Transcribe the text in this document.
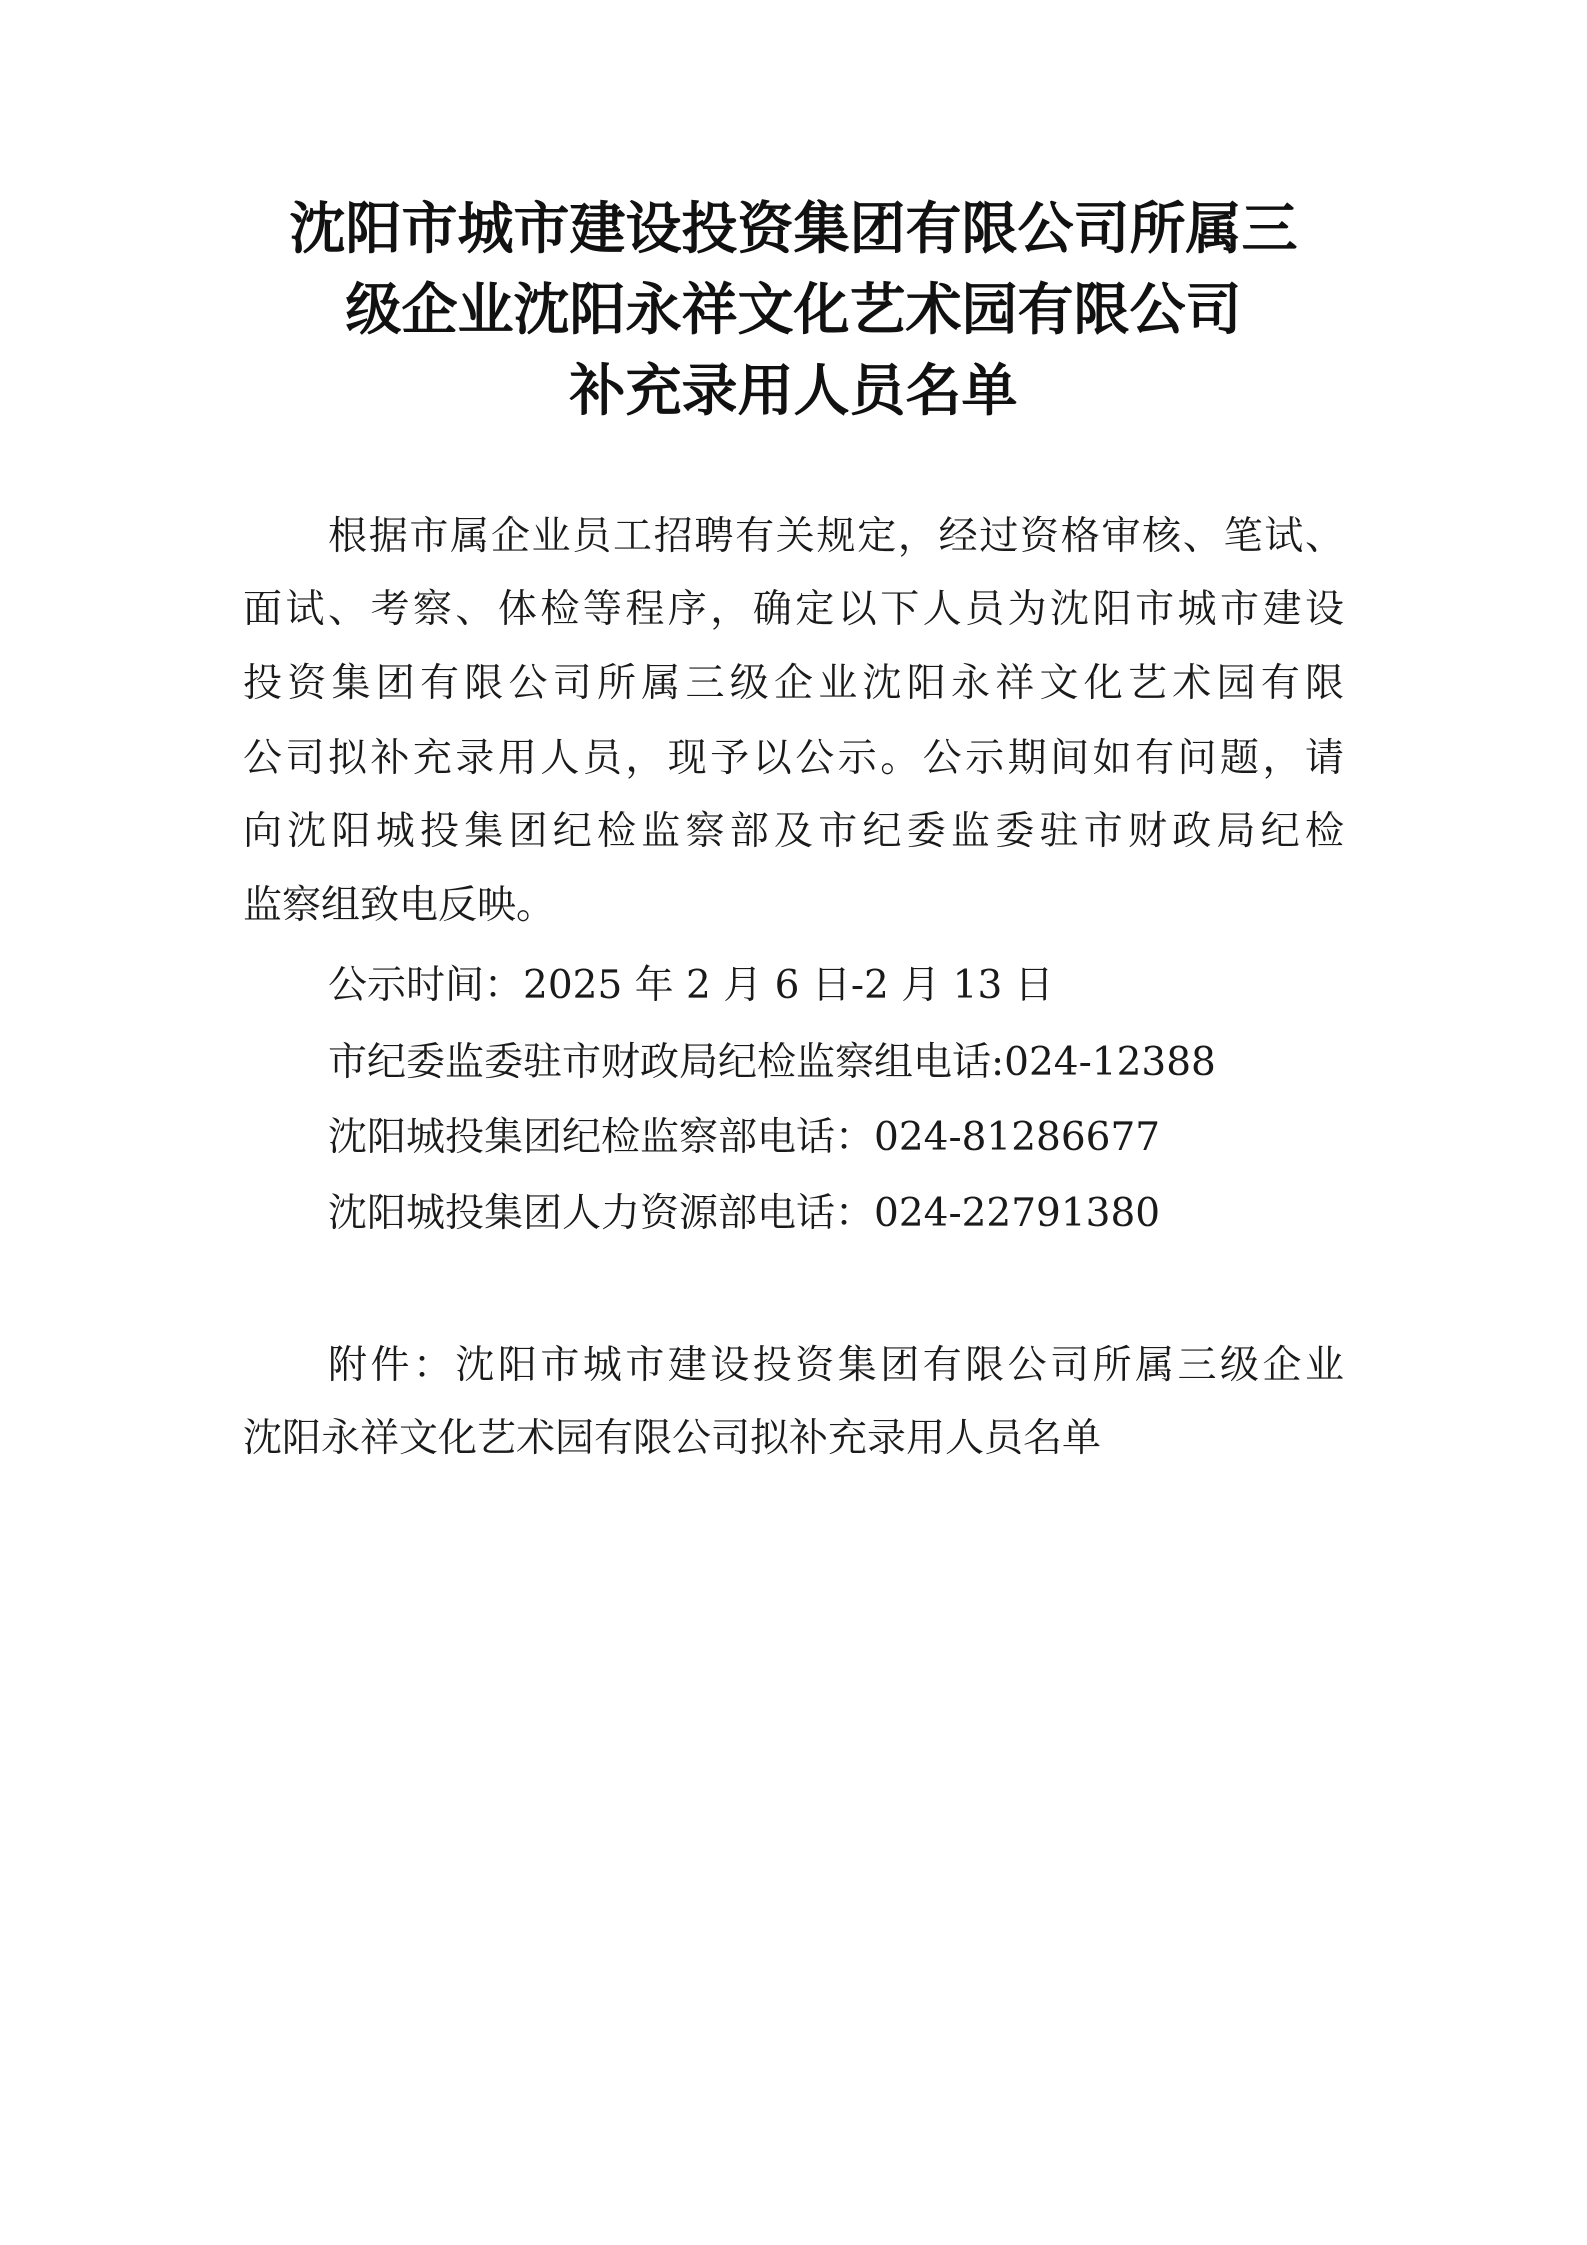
沈阳市城市建设投资集团有限公司所属三
级企业沈阳永祥文化艺术园有限公司
补充录用人员名单

根据市属企业员工招聘有关规定，经过资格审核、笔试、

面试、考察、体检等程序，确定以下人员为沈阳市城市建设

投资集团有限公司所属三级企业沈阳永祥文化艺术园有限

公司拟补充录用人员，现予以公示。公示期间如有问题，请

向沈阳城投集团纪检监察部及市纪委监委驻市财政局纪检

监察组致电反映。

公示时间：2025 年 2 月 6 日-2 月 13 日

市纪委监委驻市财政局纪检监察组电话:024-12388

沈阳城投集团纪检监察部电话：024-81286677

沈阳城投集团人力资源部电话：024-22791380

附件：沈阳市城市建设投资集团有限公司所属三级企业

沈阳永祥文化艺术园有限公司拟补充录用人员名单
